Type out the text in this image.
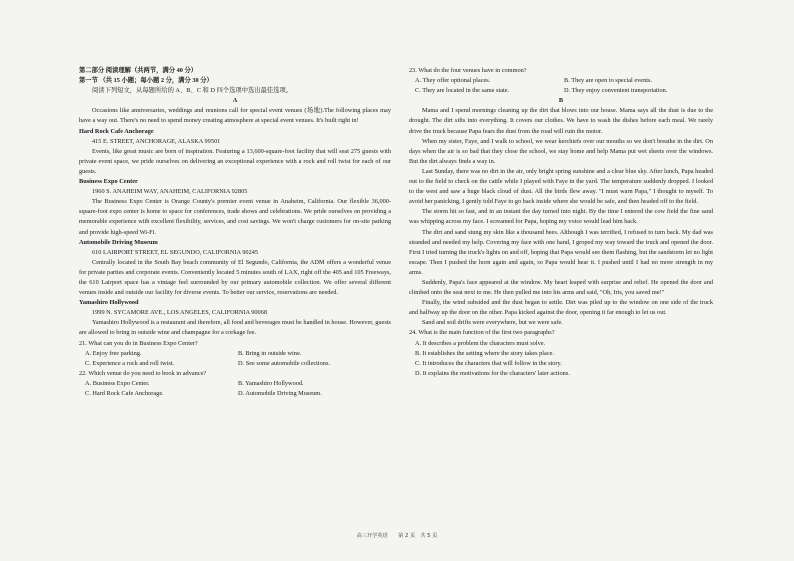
第二部分 阅读理解（共两节，满分 40 分）

第一节 （共 15 小题；每小题 2 分，满分 30 分）

阅读下列短文，从每题所给的 A、B、C 和 D 四个选项中选出最佳选项。

A

Occasions like anniversaries, weddings and reunions call for special event venues (场地).The following places may have a way out. There's no need to spend money creating atmosphere at special event venues. It's built right in!

Hard Rock Cafe Anchorage

415 E. STREET, ANCHORAGE, ALASKA 99501

Events, like great music are born of inspiration. Featuring a 13,600-square-foot facility that will seat 275 guests with private event space, we pride ourselves on delivering an exceptional experience with a rock and roll twist for each of our guests.

Business Expo Center

1960 S. ANAHEIM WAY, ANAHEIM, CALIFORNIA 92805

The Business Expo Center is Orange County's premier event venue in Anaheim, California. Our flexible 36,000-square-foot expo center is home to space for conferences, trade shows and celebrations. We pride ourselves on providing a memorable experience with excellent flexibility, services, and cost savings. We won't charge customers for on-site parking and provide high-speed Wi-Fi.

Automobile Driving Museum

610 LAIRPORT STREET, EL SEGUNDO, CALIFORNIA 90245

Centrally located in the South Bay beach community of El Segundo, California, the ADM offers a wonderful venue for private parties and corporate events. Conveniently located 5 minutes south of LAX, right off the 405 and 105 Freeways, the 610 Lairport space has a vintage feel surrounded by our primary automobile collection. We offer several different venues inside and outside our facility for diverse events. To better our service, reservations are needed.

Yamashiro Hollywood

1999 N. SYCAMORE AVE., LOS ANGELES, CALIFORNIA 90068

Yamashiro Hollywood is a restaurant and therefore, all food and beverages must be handled in house. However, guests are allowed to bring in outside wine and champagne for a corkage fee.

21. What can you do in Business Expo Center?

A. Enjoy free parking.	B. Bring in outside wine.
C. Experience a rock and roll twist.	D. See some automobile collections.

22. Which venue do you need to book in advance?

A. Business Expo Center.	B. Yamashiro Hollywood.
C. Hard Rock Cafe Anchorage.	D. Automobile Driving Museum.

23. What do the four venues have in common?

A. They offer optional places.	B. They are open to special events.
C. They are located in the same state.	D. They enjoy convenient transportation.

B

Mama and I spend mornings cleaning up the dirt that blows into our house. Mama says all the dust is due to the drought. The dirt sifts into everything. It covers our clothes. We have to wash the dishes before each meal. We rarely drive the truck because Papa fears the dust from the road will ruin the motor.

When my sister, Faye, and I walk to school, we wear kerchiefs over our mouths so we don't breathe in the dirt. On days when the air is so bad that they close the school, we stay home and help Mama put wet sheets over the windows. But the dirt always finds a way in.

Last Sunday, there was no dirt in the air, only bright spring sunshine and a clear blue sky. After lunch, Papa headed out to the field to check on the cattle while I played with Faye in the yard. The temperature suddenly dropped. I looked to the west and saw a huge black cloud of dust. All the birds flew away. "I must warn Papa," I thought to myself. To avoid her panicking, I gently told Faye to go back inside where she would be safe, and then headed off to the field.

The storm hit so fast, and in an instant the day turned into night. By the time I entered the cow field the fine sand was whipping across my face. I screamed for Papa, hoping my voice would lead him back.

The dirt and sand stung my skin like a thousand bees. Although I was terrified, I refused to turn back. My dad was stranded and needed my help. Covering my face with one hand, I groped my way toward the truck and opened the door. First I tried turning the truck's lights on and off, hoping that Papa would see them flashing, but the sandstorm let no light escape. Then I pushed the horn again and again, so Papa would hear it. I pushed until I had no more strength in my arms.

Suddenly, Papa's face appeared at the window. My heart leaped with surprise and relief. He opened the door and climbed onto the seat next to me. He then pulled me into his arms and said, "Oh, Iris, you saved me!"

Finally, the wind subsided and the dust began to settle. Dirt was piled up to the window on one side of the truck and halfway up the door on the other. Papa kicked against the door, opening it far enough to let us out.

Sand and soil drifts were everywhere, but we were safe.

24. What is the main function of the first two paragraphs?

A. It describes a problem the characters must solve.

B. It establishes the setting where the story takes place.

C. It introduces the characters that will follow in the story.

D. It explains the motivations for the characters' later actions.

高三开学英语　　第 2 页　共 5 页
